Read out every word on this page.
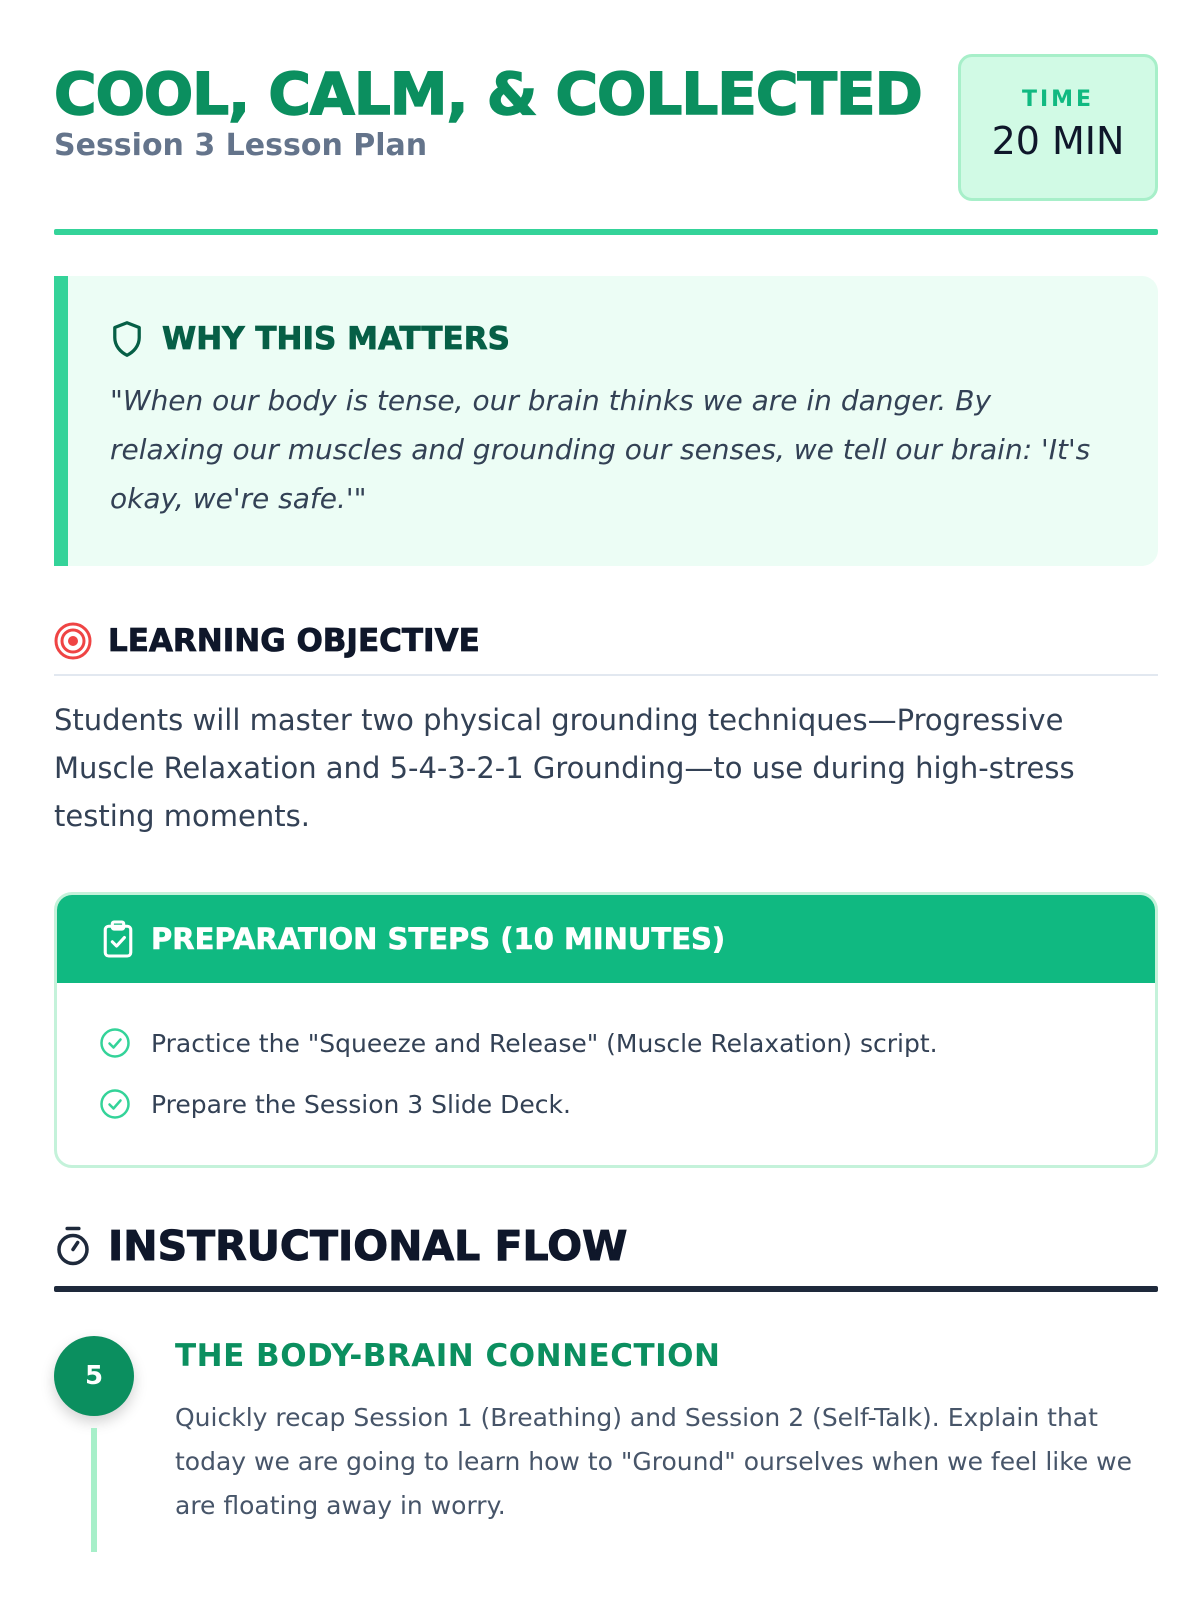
COOL, CALM, & COLLECTED
Session 3 Lesson Plan
TIME
20 MIN
WHY THIS MATTERS
"When our body is tense, our brain thinks we are in danger. By relaxing our muscles and grounding our senses, we tell our brain: 'It's okay, we're safe.'"
LEARNING OBJECTIVE
Students will master two physical grounding techniques—Progressive Muscle Relaxation and 5-4-3-2-1 Grounding—to use during high-stress testing moments.
PREPARATION STEPS (10 MINUTES)
Practice the "Squeeze and Release" (Muscle Relaxation) script.
Prepare the Session 3 Slide Deck.
INSTRUCTIONAL FLOW
5
THE BODY-BRAIN CONNECTION
Quickly recap Session 1 (Breathing) and Session 2 (Self-Talk). Explain that today we are going to learn how to "Ground" ourselves when we feel like we are floating away in worry.
